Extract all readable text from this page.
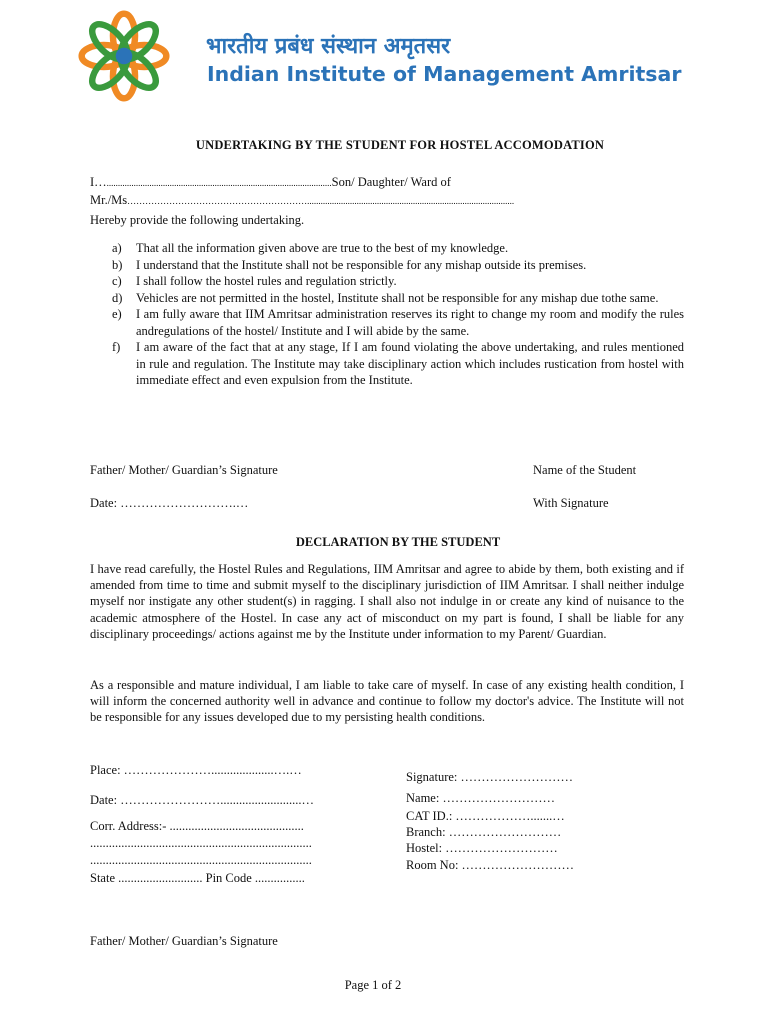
भारतीय प्रबंध संस्थान अमृतसर
Indian Institute of Management Amritsar
UNDERTAKING BY THE STUDENT FOR HOSTEL ACCOMODATION
I…....................................................................................................Son/ Daughter/ Ward of
Mr./Ms……………………………………………………............................................................................................
Hereby provide the following undertaking.
a) That all the information given above are true to the best of my knowledge.
b) I understand that the Institute shall not be responsible for any mishap outside its premises.
c) I shall follow the hostel rules and regulation strictly.
d) Vehicles are not permitted in the hostel, Institute shall not be responsible for any mishap due tothe same.
e) I am fully aware that IIM Amritsar administration reserves its right to change my room and modify the rules andregulations of the hostel/ Institute and I will abide by the same.
f) I am aware of the fact that at any stage, If I am found violating the above undertaking, and rules mentioned in rule and regulation. The Institute may take disciplinary action which includes rustication from hostel with immediate effect and even expulsion from the Institute.
Father/ Mother/ Guardian’s Signature	Name of the Student
Date: ……………………….…	With Signature
DECLARATION BY THE STUDENT
I have read carefully, the Hostel Rules and Regulations, IIM Amritsar and agree to abide by them, both existing and if amended from time to time and submit myself to the disciplinary jurisdiction of IIM Amritsar. I shall neither indulge myself nor instigate any other student(s) in ragging. I shall also not indulge in or create any kind of nuisance to the academic atmosphere of the Hostel. In case any act of misconduct on my part is found, I shall be liable for any disciplinary proceedings/ actions against me by the Institute under information to my Parent/ Guardian.
As a responsible and mature individual, I am liable to take care of myself. In case of any existing health condition, I will inform the concerned authority well in advance and continue to follow my doctor's advice. The Institute will not be responsible for any issues developed due to my persisting health conditions.
Place: …………………....................….…
Date: ……………………..........................…
Corr. Address:- ...........................................
.......................................................................
.......................................................................
State ........................... Pin Code ................
Signature: ………………………
Name: ………………………
CAT ID.: ……………….......…
Branch: ………………………
Hostel: ………………………
Room No: ………………………
Father/ Mother/ Guardian’s Signature
Page 1 of 2
